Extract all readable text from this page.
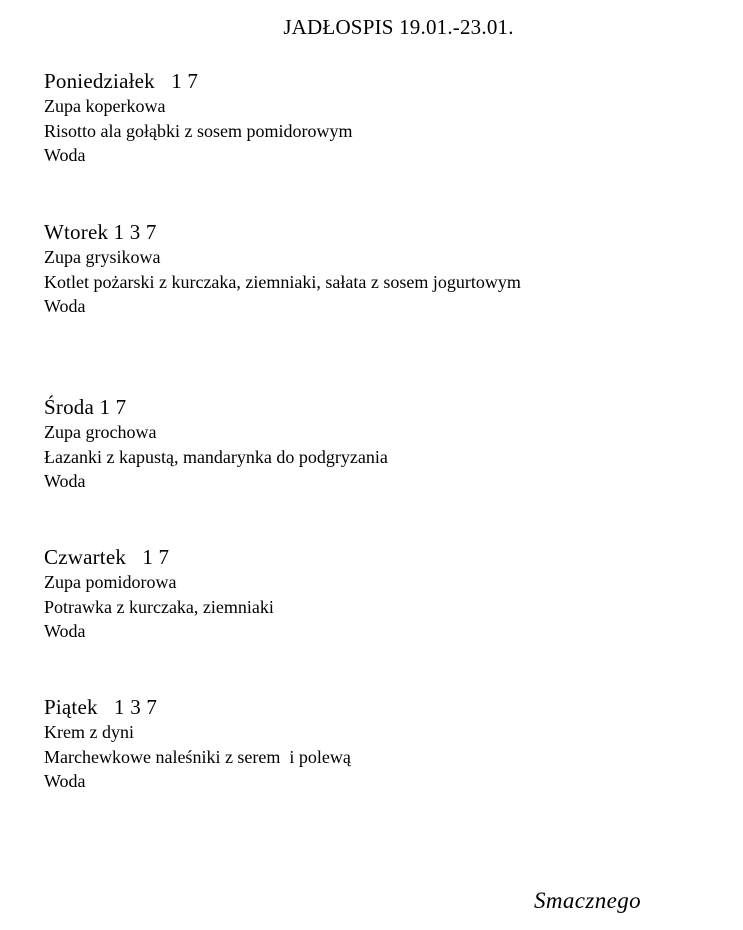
JADŁOSPIS 19.01.-23.01.
Poniedziałek   1 7
Zupa koperkowa
Risotto ala gołąbki z sosem pomidorowym
Woda
Wtorek 1 3 7
Zupa grysikowa
Kotlet pożarski z kurczaka, ziemniaki, sałata z sosem jogurtowym
Woda
Środa 1 7
Zupa grochowa
Łazanki z kapustą, mandarynka do podgryzania
Woda
Czwartek   1 7
Zupa pomidorowa
Potrawka z kurczaka, ziemniaki
Woda
Piątek   1 3 7
Krem z dyni
Marchewkowe naleśniki z serem  i polewą
Woda
Smacznego
